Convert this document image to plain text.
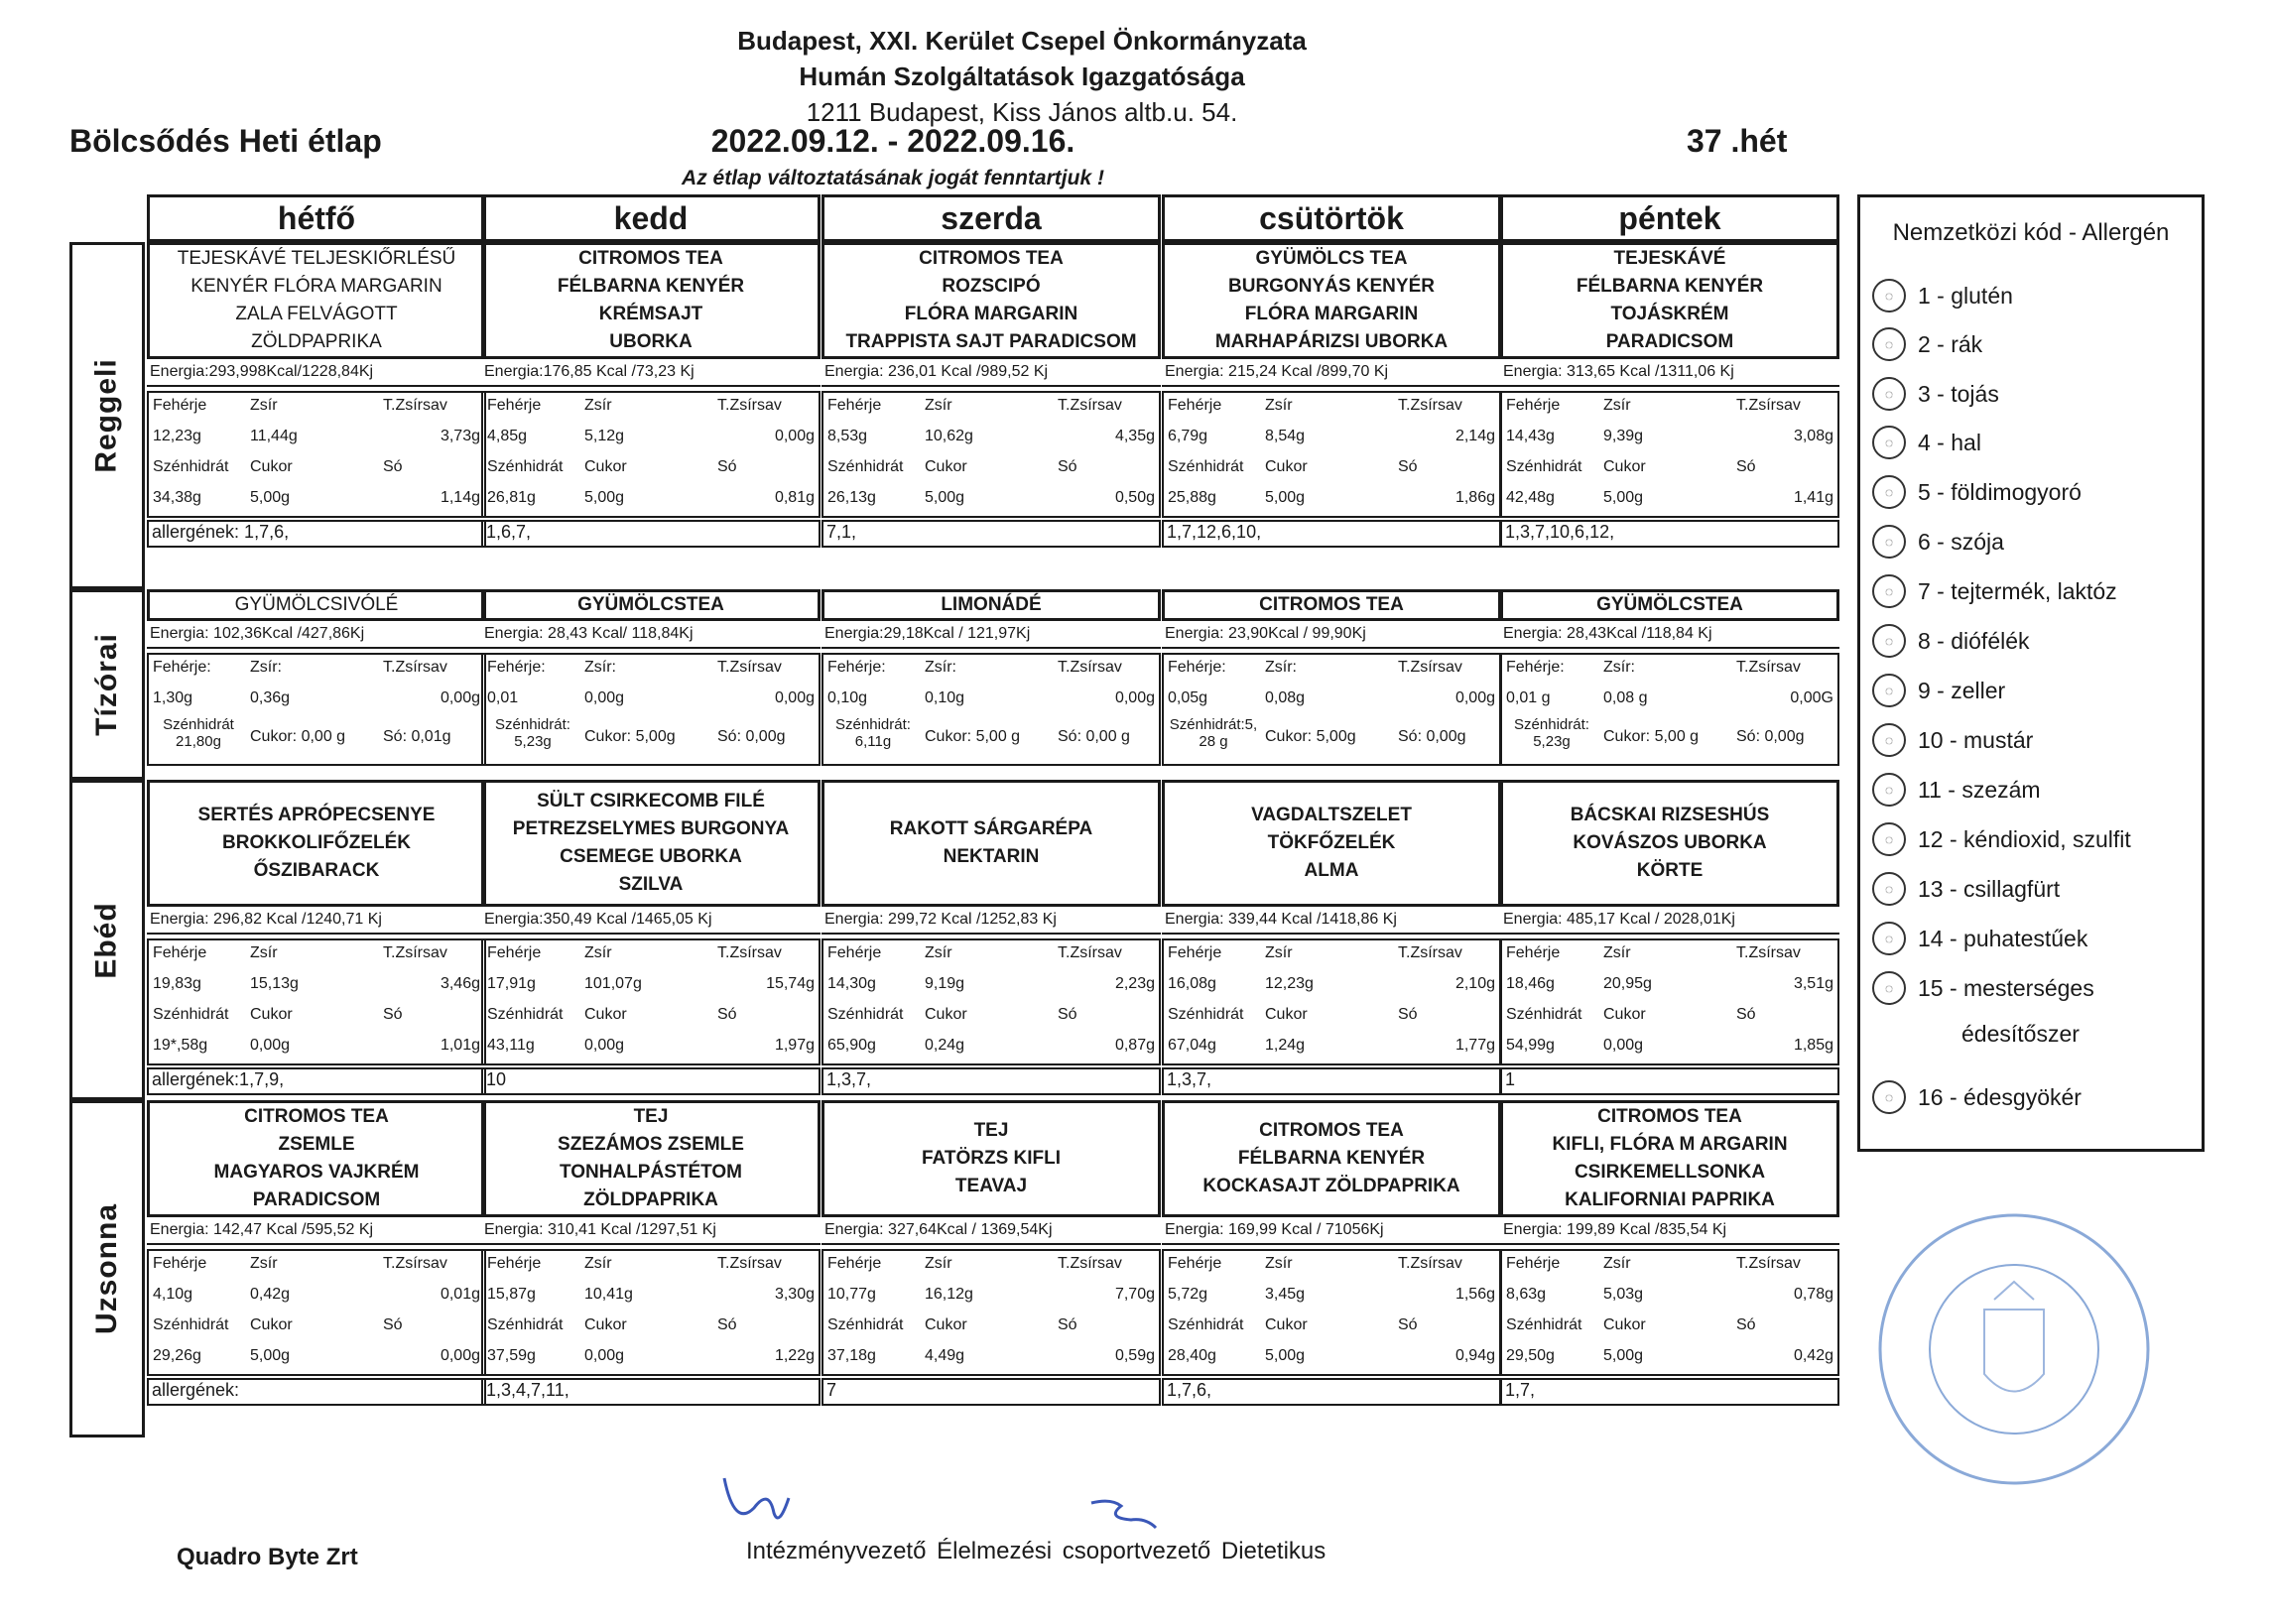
Budapest, XXI. Kerület Csepel Önkormányzata
Humán Szolgáltatások Igazgatósága
1211 Budapest, Kiss János altb.u. 54.
Bölcsődés Heti étlap	2022.09.12. - 2022.09.16.	37 .hét
Az étlap változtatásának jogát fenntartjuk !
hétfő	kedd	szerda	csütörtök	péntek
Reggeli
TEJESKÁVÉ TELJESKIŐRLÉSŰ
KENYÉR FLÓRA MARGARIN
ZALA FELVÁGOTT
ZÖLDPAPRIKA
Energia:293,998Kcal/1228,84Kj
Fehérje	Zsír	T.Zsírsav
12,23g	11,44g	3,73g
Szénhidrát Cukor	Só
34,38g	5,00g	1,14g
allergének: 1,7,6,
CITROMOS TEA
FÉLBARNA KENYÉR
KRÉMSAJT
UBORKA
Energia:176,85 Kcal /73,23 Kj
Fehérje	Zsír	T.Zsírsav
4,85g	5,12g	0,00g
Szénhidrát Cukor	Só
26,81g	5,00g	0,81g
1,6,7,
CITROMOS TEA
ROZSCIPÓ
FLÓRA MARGARIN
TRAPPISTA SAJT PARADICSOM
Energia: 236,01 Kcal /989,52 Kj
Fehérje	Zsír	T.Zsírsav
8,53g	10,62g	4,35g
Szénhidrát Cukor	Só
26,13g	5,00g	0,50g
7,1,
GYÜMÖLCS TEA
BURGONYÁS KENYÉR
FLÓRA MARGARIN
MARHAPÁRIZSI UBORKA
Energia: 215,24 Kcal /899,70 Kj
Fehérje	Zsír	T.Zsírsav
6,79g	8,54g	2,14g
Szénhidrát Cukor	Só
25,88g	5,00g	1,86g
1,7,12,6,10,
TEJESKÁVÉ
FÉLBARNA KENYÉR
TOJÁSKRÉM
PARADICSOM
Energia: 313,65 Kcal /1311,06 Kj
Fehérje	Zsír	T.Zsírsav
14,43g	9,39g	3,08g
Szénhidrát Cukor	Só
42,48g	5,00g	1,41g
1,3,7,10,6,12,
Tízórai
GYÜMÖLCSIVÓLÉ
Energia: 102,36Kcal /427,86Kj
Fehérje: Zsír:	T.Zsírsav
1,30g	0,36g	0,00g
Szénhidrát 21,80g	Cukor: 0,00 g Só: 0,01g
GYÜMÖLCSTEA
Energia: 28,43 Kcal/ 118,84Kj
Fehérje: Zsír:	T.Zsírsav
0,01	0,00g	0,00g
Szénhidrát: 5,23g	Cukor: 5,00g	Só: 0,00g
LIMONÁDÉ
Energia:29,18Kcal / 121,97Kj
Fehérje: Zsír:	T.Zsírsav
0,10g	0,10g	0,00g
Szénhidrát: 6,11g	Cukor: 5,00 g Só: 0,00 g
CITROMOS TEA
Energia: 23,90Kcal / 99,90Kj
Fehérje: Zsír:	T.Zsírsav
0,05g	0,08g	0,00g
Szénhidrát:5, 28 g	Cukor: 5,00g	Só: 0,00g
GYÜMÖLCSTEA
Energia: 28,43Kcal /118,84 Kj
Fehérje: Zsír:	T.Zsírsav
0,01 g	0,08 g	0,00G
Szénhidrát: 5,23g	Cukor: 5,00 g Só: 0,00g
Ebéd
SERTÉS APRÓPECSENYE
BROKKOLIFŐZELÉK
ŐSZIBARACK
Energia: 296,82 Kcal /1240,71 Kj
Fehérje	Zsír	T.Zsírsav
19,83g	15,13g	3,46g
Szénhidrát Cukor	Só
19*,58g	0,00g	1,01g
allergének:1,7,9,
SÜLT CSIRKECOMB FILÉ
PETREZSELYMES BURGONYA
CSEMEGE UBORKA
SZILVA
Energia:350,49 Kcal /1465,05 Kj
Fehérje	Zsír	T.Zsírsav
17,91g	101,07g	15,74g
Szénhidrát Cukor	Só
43,11g	0,00g	1,97g
10
RAKOTT SÁRGARÉPA
NEKTARIN
Energia: 299,72 Kcal /1252,83 Kj
Fehérje	Zsír	T.Zsírsav
14,30g	9,19g	2,23g
Szénhidrát Cukor	Só
65,90g	0,24g	0,87g
1,3,7,
VAGDALTSZELET
TÖKFŐZELÉK
ALMA
Energia: 339,44 Kcal /1418,86 Kj
Fehérje	Zsír	T.Zsírsav
16,08g	12,23g	2,10g
Szénhidrát Cukor	Só
67,04g	1,24g	1,77g
1,3,7,
BÁCSKAI RIZSESHÚS
KOVÁSZOS UBORKA
KÖRTE
Energia: 485,17 Kcal / 2028,01Kj
Fehérje	Zsír	T.Zsírsav
18,46g	20,95g	3,51g
Szénhidrát Cukor	Só
54,99g	0,00g	1,85g
1
Uzsonna
CITROMOS TEA
ZSEMLE
MAGYAROS VAJKRÉM
PARADICSOM
Energia: 142,47 Kcal /595,52 Kj
Fehérje	Zsír	T.Zsírsav
4,10g	0,42g	0,01g
Szénhidrát Cukor	Só
29,26g	5,00g	0,00g
allergének:
TEJ
SZEZÁMOS ZSEMLE
TONHALPÁSTÉTOM
ZÖLDPAPRIKA
Energia: 310,41 Kcal /1297,51 Kj
Fehérje	Zsír	T.Zsírsav
15,87g	10,41g	3,30g
Szénhidrát Cukor	Só
37,59g	0,00g	1,22g
1,3,4,7,11,
TEJ
FATÖRZS KIFLI
TEAVAJ
Energia: 327,64Kcal / 1369,54Kj
Fehérje	Zsír	T.Zsírsav
10,77g	16,12g	7,70g
Szénhidrát Cukor	Só
37,18g	4,49g	0,59g
7
CITROMOS TEA
FÉLBARNA KENYÉR
KOCKASAJT ZÖLDPAPRIKA
Energia: 169,99 Kcal / 71056Kj
Fehérje	Zsír	T.Zsírsav
5,72g	3,45g	1,56g
Szénhidrát Cukor	Só
28,40g	5,00g	0,94g
1,7,6,
CITROMOS TEA
KIFLI, FLÓRA M ARGARIN
CSIRKEMELLSONKA
KALIFORNIAI PAPRIKA
Energia: 199,89 Kcal /835,54 Kj
Fehérje	Zsír	T.Zsírsav
8,63g	5,03g	0,78g
Szénhidrát Cukor	Só
29,50g	5,00g	0,42g
1,7,
Nemzetközi kód - Allergén
◌	1 - glutén
◌	2 - rák
◌	3 - tojás
◌	4 - hal
◌	5 - földimogyoró
◌	6 - szója
◌	7 - tejtermék, laktóz
◌	8 - diófélék
◌	9 - zeller
◌	10 - mustár
◌	11 - szezám
◌	12 - kéndioxid, szulfit
◌	13 - csillagfürt
◌	14 - puhatestűek
◌	15 - mesterséges
édesítőszer
◌	16 - édesgyökér
Quadro Byte Zrt	Intézményvezető Élelmezési csoportvezető Dietetikus
